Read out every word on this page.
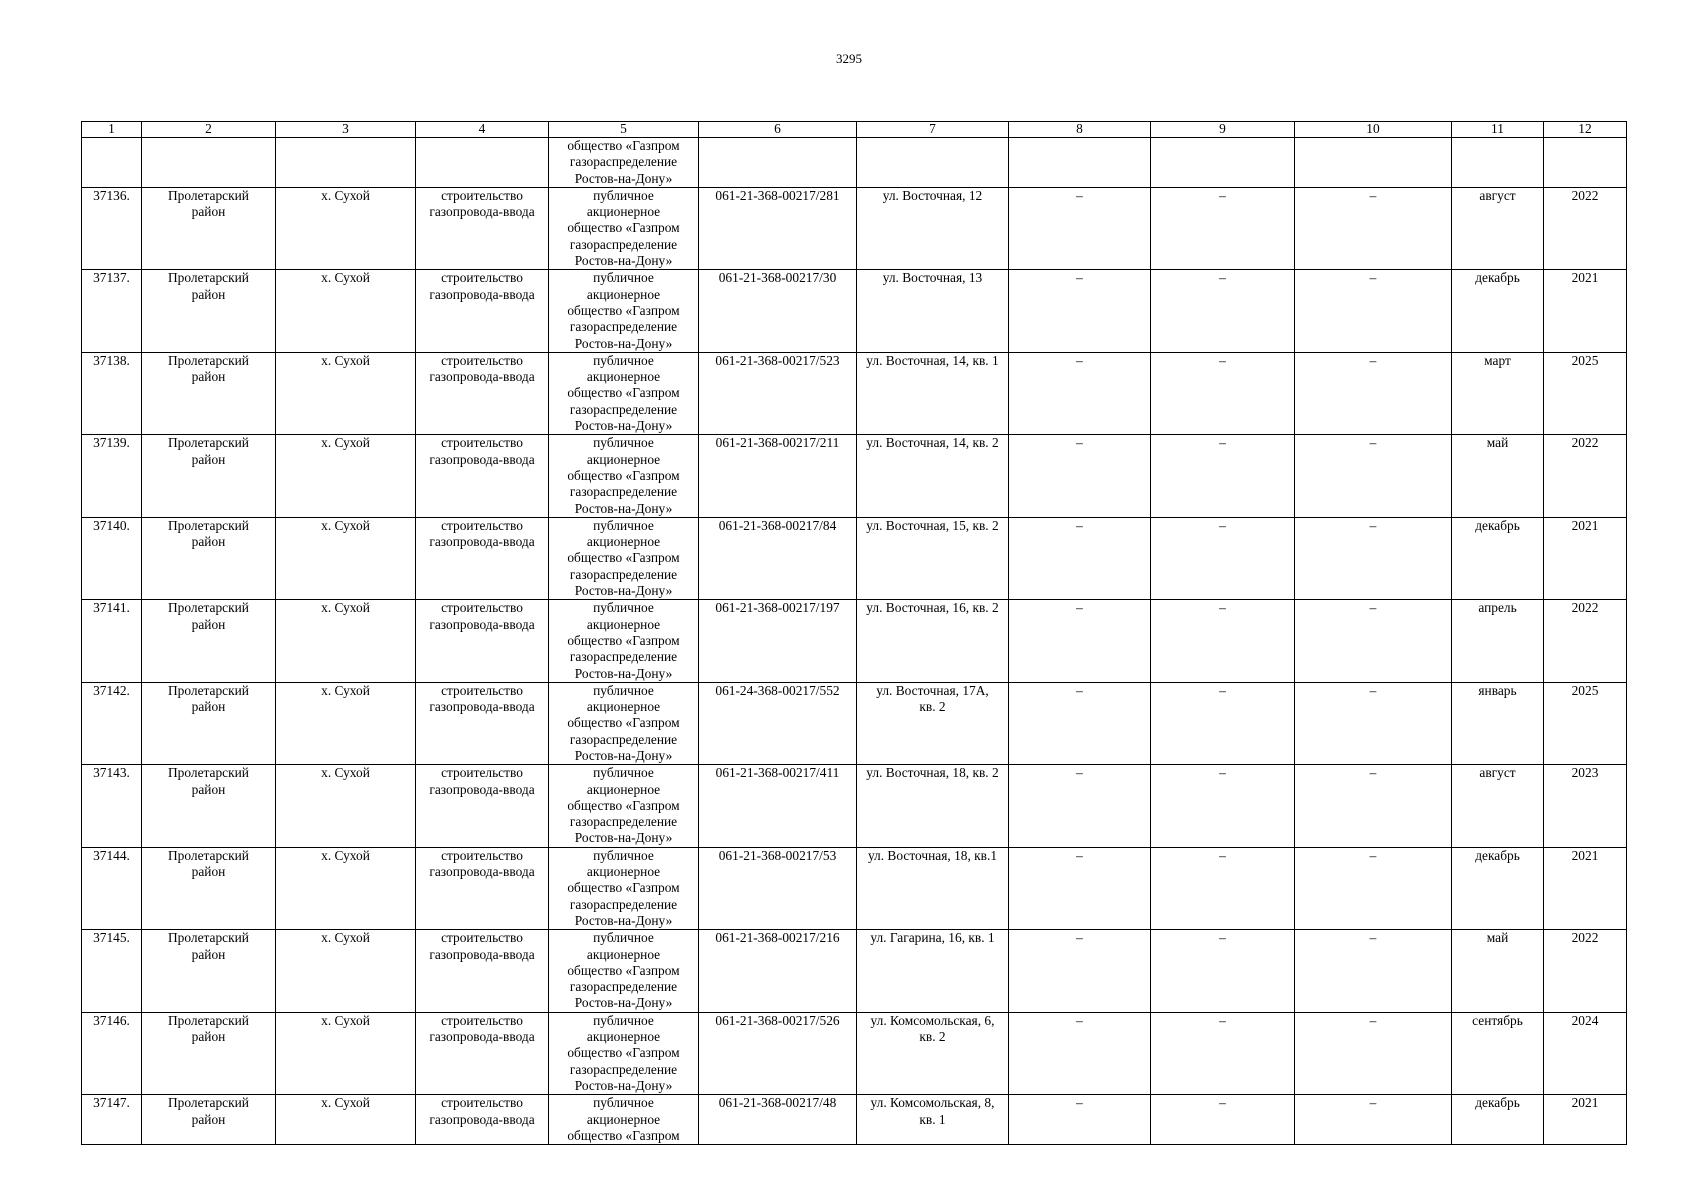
3295
1	2	3	4	5	6	7	8	9	10	11	12
				общество «Газпром
газораспределение
Ростов-на-Дону»							
37136.	Пролетарский
район	х. Сухой	строительство
газопровода-ввода	публичное
акционерное
общество «Газпром
газораспределение
Ростов-на-Дону»	061-21-368-00217/281	ул. Восточная, 12	–	–	–	август	2022
37137.	Пролетарский
район	х. Сухой	строительство
газопровода-ввода	публичное
акционерное
общество «Газпром
газораспределение
Ростов-на-Дону»	061-21-368-00217/30	ул. Восточная, 13	–	–	–	декабрь	2021
37138.	Пролетарский
район	х. Сухой	строительство
газопровода-ввода	публичное
акционерное
общество «Газпром
газораспределение
Ростов-на-Дону»	061-21-368-00217/523	ул. Восточная, 14, кв. 1	–	–	–	март	2025
37139.	Пролетарский
район	х. Сухой	строительство
газопровода-ввода	публичное
акционерное
общество «Газпром
газораспределение
Ростов-на-Дону»	061-21-368-00217/211	ул. Восточная, 14, кв. 2	–	–	–	май	2022
37140.	Пролетарский
район	х. Сухой	строительство
газопровода-ввода	публичное
акционерное
общество «Газпром
газораспределение
Ростов-на-Дону»	061-21-368-00217/84	ул. Восточная, 15, кв. 2	–	–	–	декабрь	2021
37141.	Пролетарский
район	х. Сухой	строительство
газопровода-ввода	публичное
акционерное
общество «Газпром
газораспределение
Ростов-на-Дону»	061-21-368-00217/197	ул. Восточная, 16, кв. 2	–	–	–	апрель	2022
37142.	Пролетарский
район	х. Сухой	строительство
газопровода-ввода	публичное
акционерное
общество «Газпром
газораспределение
Ростов-на-Дону»	061-24-368-00217/552	ул. Восточная, 17А,
кв. 2	–	–	–	январь	2025
37143.	Пролетарский
район	х. Сухой	строительство
газопровода-ввода	публичное
акционерное
общество «Газпром
газораспределение
Ростов-на-Дону»	061-21-368-00217/411	ул. Восточная, 18, кв. 2	–	–	–	август	2023
37144.	Пролетарский
район	х. Сухой	строительство
газопровода-ввода	публичное
акционерное
общество «Газпром
газораспределение
Ростов-на-Дону»	061-21-368-00217/53	ул. Восточная, 18, кв.1	–	–	–	декабрь	2021
37145.	Пролетарский
район	х. Сухой	строительство
газопровода-ввода	публичное
акционерное
общество «Газпром
газораспределение
Ростов-на-Дону»	061-21-368-00217/216	ул. Гагарина, 16, кв. 1	–	–	–	май	2022
37146.	Пролетарский
район	х. Сухой	строительство
газопровода-ввода	публичное
акционерное
общество «Газпром
газораспределение
Ростов-на-Дону»	061-21-368-00217/526	ул. Комсомольская, 6,
кв. 2	–	–	–	сентябрь	2024
37147.	Пролетарский
район	х. Сухой	строительство
газопровода-ввода	публичное
акционерное
общество «Газпром	061-21-368-00217/48	ул. Комсомольская, 8,
кв. 1	–	–	–	декабрь	2021
